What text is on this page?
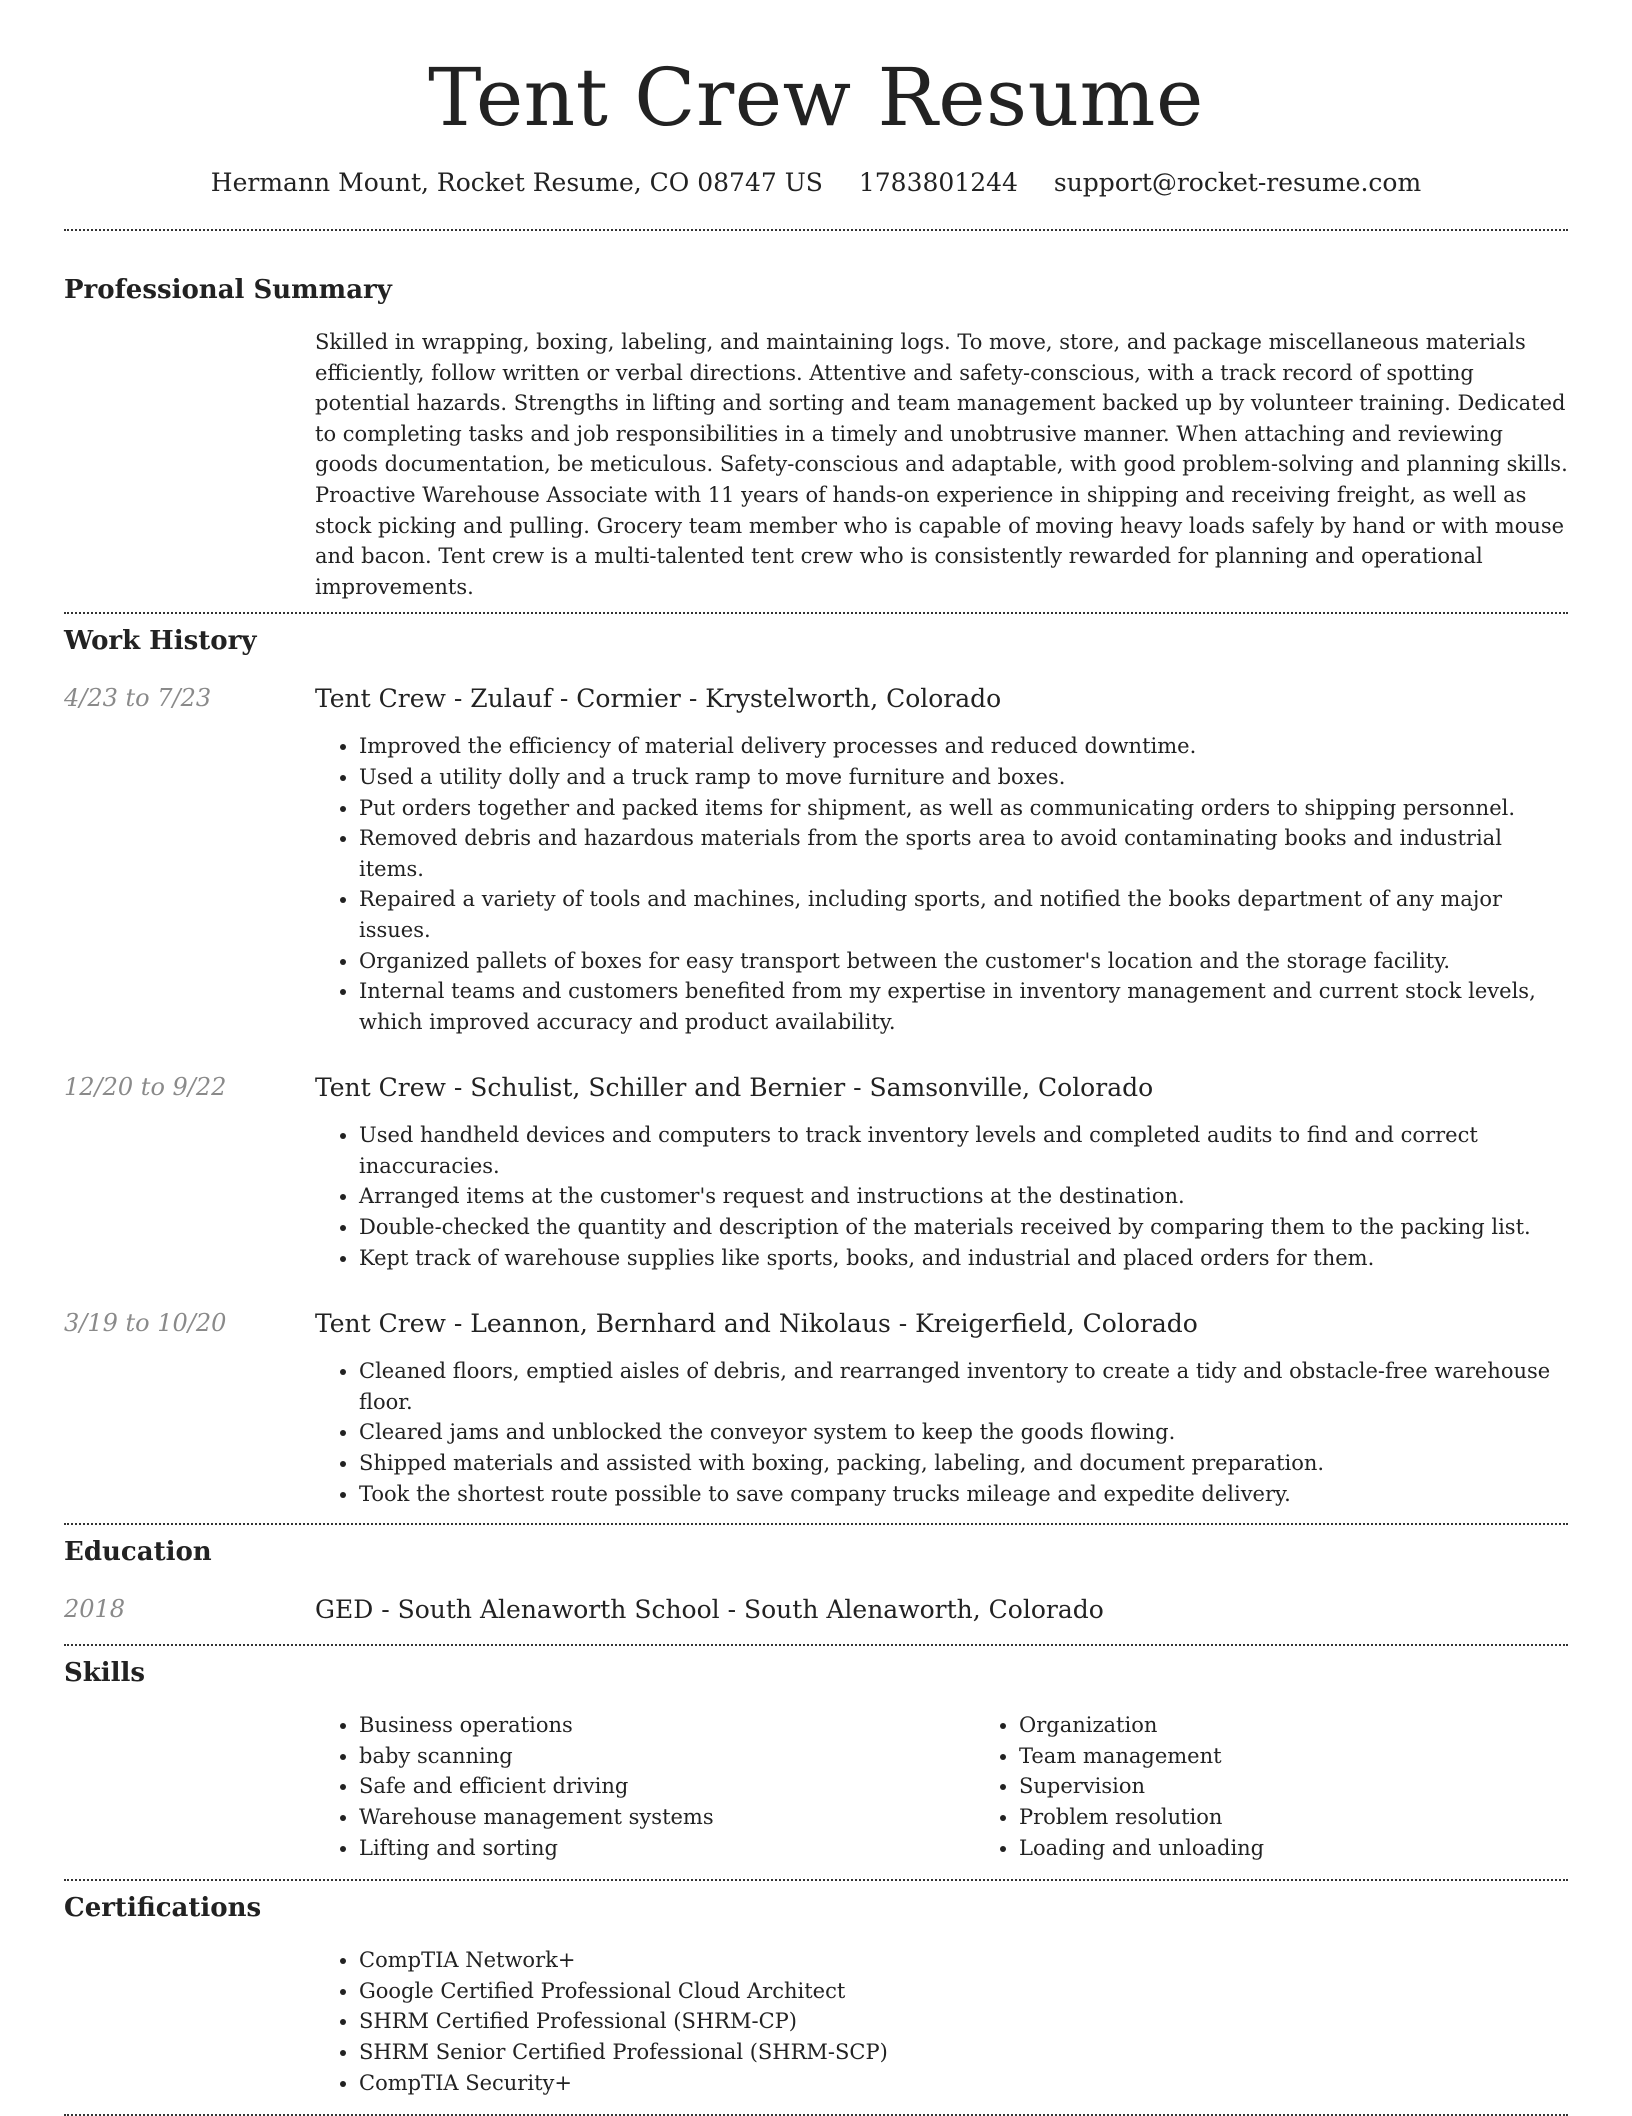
Tent Crew Resume
Hermann Mount, Rocket Resume, CO 08747 US 1783801244 support@rocket-resume.com
Professional Summary

Skilled in wrapping, boxing, labeling, and maintaining logs. To move, store, and package miscellaneous materials efficiently, follow written or verbal directions. Attentive and safety-conscious, with a track record of spotting potential hazards. Strengths in lifting and sorting and team management backed up by volunteer training. Dedicated to completing tasks and job responsibilities in a timely and unobtrusive manner. When attaching and reviewing goods documentation, be meticulous. Safety-conscious and adaptable, with good problem-solving and planning skills. Proactive Warehouse Associate with 11 years of hands-on experience in shipping and receiving freight, as well as stock picking and pulling. Grocery team member who is capable of moving heavy loads safely by hand or with mouse and bacon. Tent crew is a multi-talented tent crew who is consistently rewarded for planning and operational improvements.

Work History
4/23 to 7/23	Tent Crew - Zulauf - Cormier - Krystelworth, Colorado
• Improved the efficiency of material delivery processes and reduced downtime.
• Used a utility dolly and a truck ramp to move furniture and boxes.
• Put orders together and packed items for shipment, as well as communicating orders to shipping personnel.
• Removed debris and hazardous materials from the sports area to avoid contaminating books and industrial items.
• Repaired a variety of tools and machines, including sports, and notified the books department of any major issues.
• Organized pallets of boxes for easy transport between the customer's location and the storage facility.
• Internal teams and customers benefited from my expertise in inventory management and current stock levels, which improved accuracy and product availability.
12/20 to 9/22	Tent Crew - Schulist, Schiller and Bernier - Samsonville, Colorado
• Used handheld devices and computers to track inventory levels and completed audits to find and correct inaccuracies.
• Arranged items at the customer's request and instructions at the destination.
• Double-checked the quantity and description of the materials received by comparing them to the packing list.
• Kept track of warehouse supplies like sports, books, and industrial and placed orders for them.
3/19 to 10/20	Tent Crew - Leannon, Bernhard and Nikolaus - Kreigerfield, Colorado
• Cleaned floors, emptied aisles of debris, and rearranged inventory to create a tidy and obstacle-free warehouse floor.
• Cleared jams and unblocked the conveyor system to keep the goods flowing.
• Shipped materials and assisted with boxing, packing, labeling, and document preparation.
• Took the shortest route possible to save company trucks mileage and expedite delivery.
Education
2018	GED - South Alenaworth School - South Alenaworth, Colorado
Skills
• Business operations
• baby scanning
• Safe and efficient driving
• Warehouse management systems
• Lifting and sorting
• Organization
• Team management
• Supervision
• Problem resolution
• Loading and unloading
Certifications
• CompTIA Network+
• Google Certified Professional Cloud Architect
• SHRM Certified Professional (SHRM-CP)
• SHRM Senior Certified Professional (SHRM-SCP)
• CompTIA Security+
